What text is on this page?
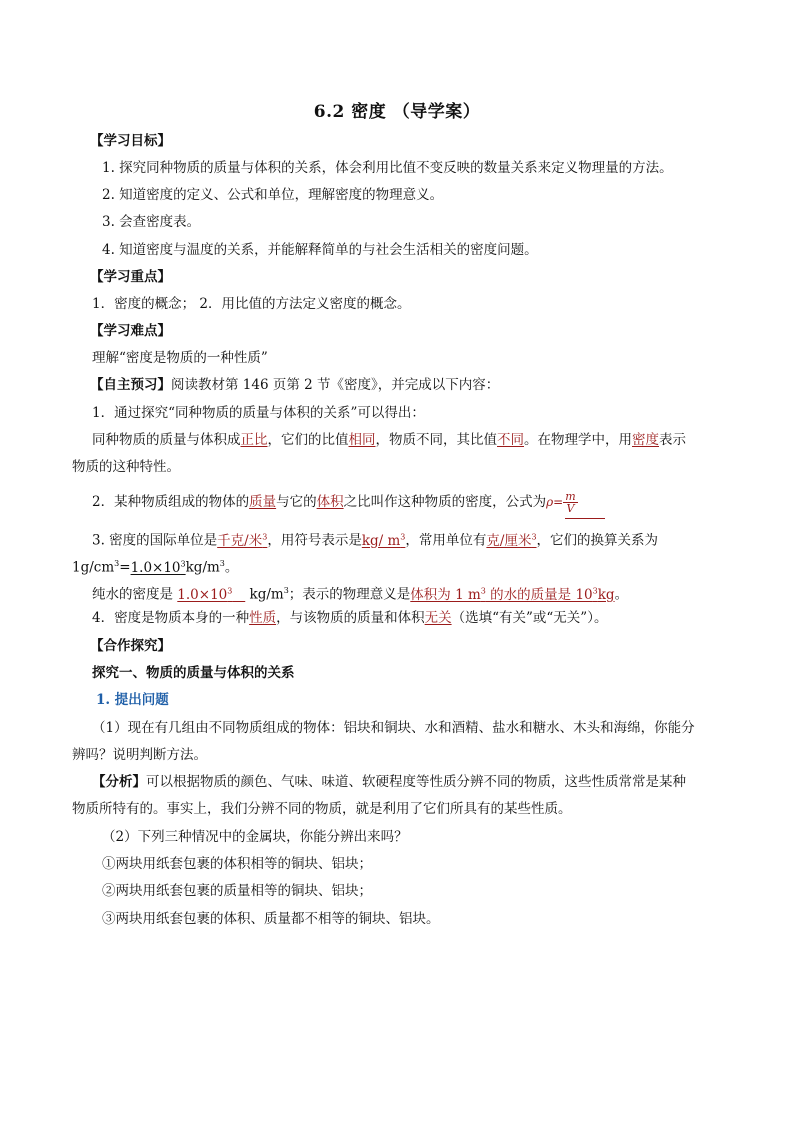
6.2 密度 （导学案）
【学习目标】
1. 探究同种物质的质量与体积的关系，体会利用比值不变反映的数量关系来定义物理量的方法。
2. 知道密度的定义、公式和单位，理解密度的物理意义。
3. 会查密度表。
4. 知道密度与温度的关系，并能解释简单的与社会生活相关的密度问题。
【学习重点】
1．密度的概念； 2．用比值的方法定义密度的概念。
【学习难点】
理解“密度是物质的一种性质”
【自主预习】阅读教材第 146 页第 2 节《密度》，并完成以下内容：
1．通过探究“同种物质的质量与体积的关系”可以得出：
同种物质的质量与体积成正比，它们的比值相同，物质不同，其比值不同。在物理学中，用密度表示
物质的这种特性。
2．某种物质组成的物体的质量与它的体积之比叫作这种物质的密度，公式为$\rho= \frac{m}{V}$
3. 密度的国际单位是千克/米$^3$，用符号表示是kg/ $m^3$，常用单位有克/厘米$^3$，它们的换算关系为
$1g/cm^3=1.0\times 10^3kg/m^3$。
纯水的密度是 $1.0\times 10^3$    $kg/m^3$；表示的物理意义是体积为 1 $m^3$ 的水的质量是 $10^3kg$。
4．密度是物质本身的一种性质，与该物质的质量和体积无关（选填“有关”或“无关”）。
【合作探究】
探究一、物质的质量与体积的关系
1. 提出问题
（1）现在有几组由不同物质组成的物体：铝块和铜块、水和酒精、盐水和糖水、木头和海绵，你能分
辨吗？说明判断方法。
【分析】可以根据物质的颜色、气味、味道、软硬程度等性质分辨不同的物质，这些性质常常是某种
物质所特有的。事实上，我们分辨不同的物质，就是利用了它们所具有的某些性质。
（2）下列三种情况中的金属块，你能分辨出来吗？
①两块用纸套包裹的体积相等的铜块、铝块；
②两块用纸套包裹的质量相等的铜块、铝块；
③两块用纸套包裹的体积、质量都不相等的铜块、铝块。
